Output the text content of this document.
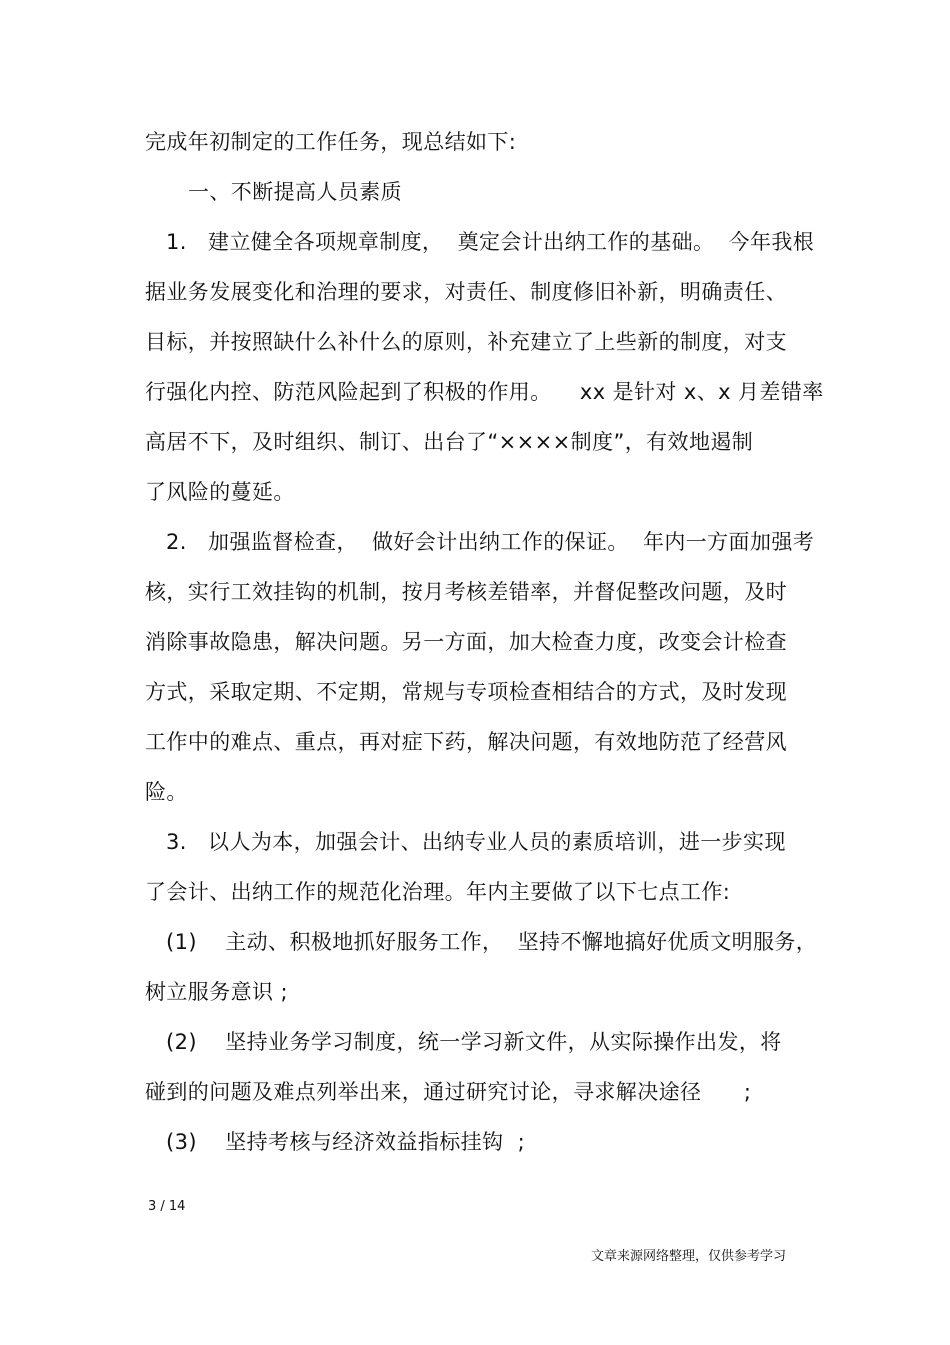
完成年初制定的工作任务，现总结如下:
一、不断提高人员素质
1.   建立健全各项规章制度，  奠定会计出纳工作的基础。  今年我根
据业务发展变化和治理的要求，对责任、制度修旧补新，明确责任、
目标，并按照缺什么补什么的原则，补充建立了上些新的制度，对支
行强化内控、防范风险起到了积极的作用。    xx 是针对 x、x 月差错率
高居不下，及时组织、制订、出台了“××××制度”，有效地遏制
了风险的蔓延。
2.   加强监督检查，  做好会计出纳工作的保证。  年内一方面加强考
核，实行工效挂钩的机制，按月考核差错率，并督促整改问题，及时
消除事故隐患，解决问题。另一方面，加大检查力度，改变会计检查
方式，采取定期、不定期，常规与专项检查相结合的方式，及时发现
工作中的难点、重点，再对症下药，解决问题，有效地防范了经营风
险。
3.   以人为本，加强会计、出纳专业人员的素质培训，进一步实现
了会计、出纳工作的规范化治理。年内主要做了以下七点工作:
(1)    主动、积极地抓好服务工作，  坚持不懈地搞好优质文明服务，
树立服务意识 ;
(2)    坚持业务学习制度，统一学习新文件，从实际操作出发，将
碰到的问题及难点列举出来，通过研究讨论，寻求解决途径      ;
(3)    坚持考核与经济效益指标挂钩  ;
3 / 14
文章来源网络整理，仅供参考学习
